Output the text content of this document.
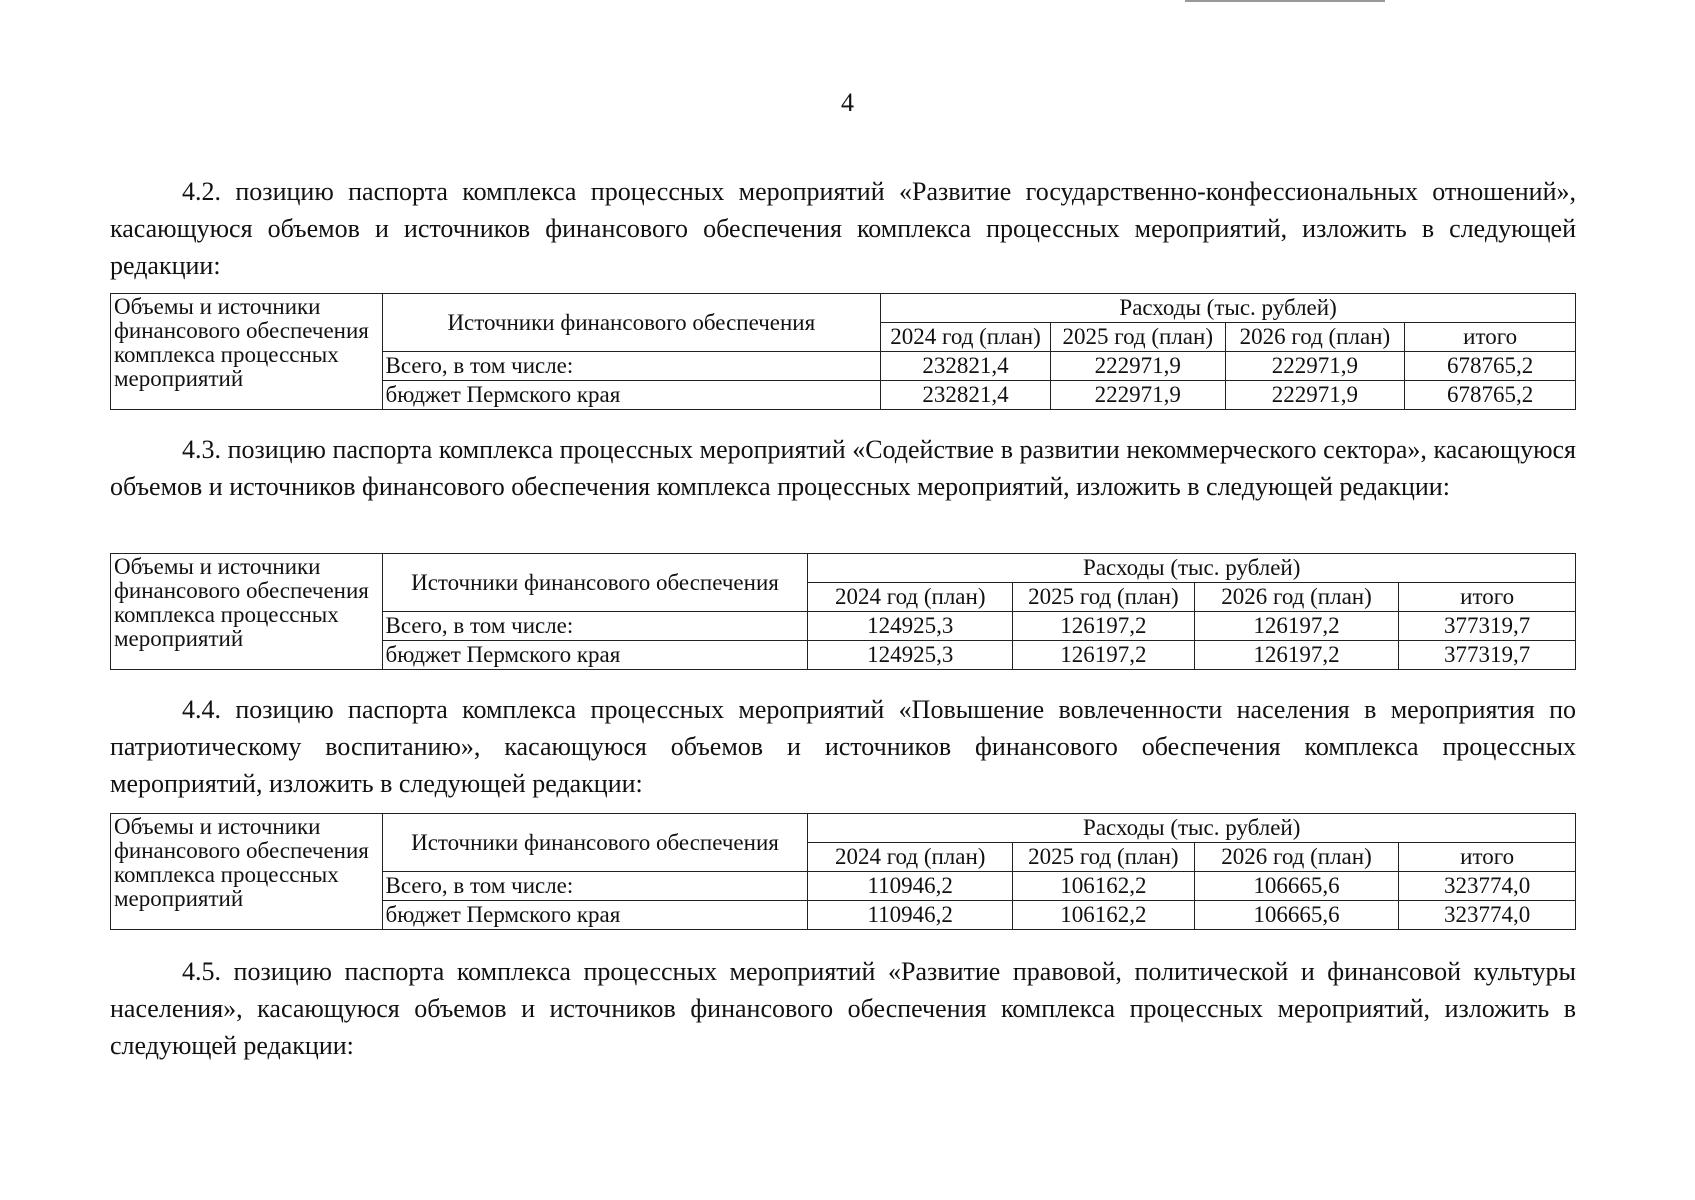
4

4.2. позицию паспорта комплекса процессных мероприятий «Развитие государственно-конфессиональных отношений», касающуюся объемов и источников финансового обеспечения комплекса процессных мероприятий, изложить в следующей редакции:

Объемы и источники финансового обеспечения комплекса процессных мероприятий	Источники финансового обеспечения	Расходы (тыс. рублей)			
		2024 год (план)	2025 год (план)	2026 год (план)	итого
	Всего, в том числе:	232821,4	222971,9	222971,9	678765,2
	бюджет Пермского края	232821,4	222971,9	222971,9	678765,2

4.3. позицию паспорта комплекса процессных мероприятий «Содействие в развитии некоммерческого сектора», касающуюся объемов и источников финансового обеспечения комплекса процессных мероприятий, изложить в следующей редакции:

Объемы и источники финансового обеспечения комплекса процессных мероприятий	Источники финансового обеспечения	Расходы (тыс. рублей)			
		2024 год (план)	2025 год (план)	2026 год (план)	итого
	Всего, в том числе:	124925,3	126197,2	126197,2	377319,7
	бюджет Пермского края	124925,3	126197,2	126197,2	377319,7

4.4. позицию паспорта комплекса процессных мероприятий «Повышение вовлеченности населения в мероприятия по патриотическому воспитанию», касающуюся объемов и источников финансового обеспечения комплекса процессных мероприятий, изложить в следующей редакции:

Объемы и источники финансового обеспечения комплекса процессных мероприятий	Источники финансового обеспечения	Расходы (тыс. рублей)			
		2024 год (план)	2025 год (план)	2026 год (план)	итого
	Всего, в том числе:	110946,2	106162,2	106665,6	323774,0
	бюджет Пермского края	110946,2	106162,2	106665,6	323774,0

4.5. позицию паспорта комплекса процессных мероприятий «Развитие правовой, политической и финансовой культуры населения», касающуюся объемов и источников финансового обеспечения комплекса процессных мероприятий, изложить в следующей редакции:
